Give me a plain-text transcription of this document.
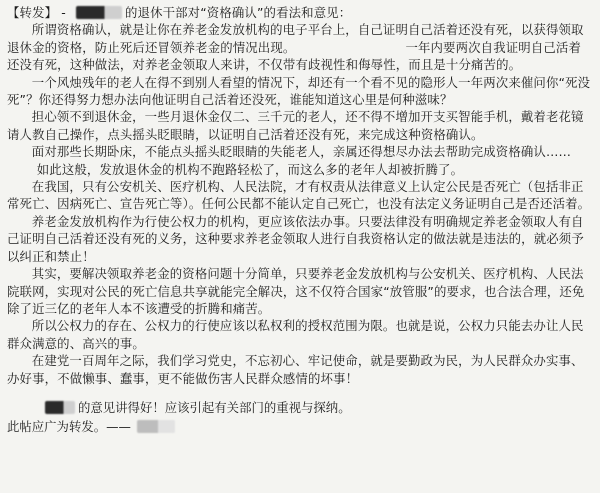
【转发】 -	的退休干部对“资格确认”的看法和意见：

所谓资格确认，就是让你在养老金发放机构的电子平台上，自己证明自己活着还没有死，以获得领取退休金的资格，防止死后还冒领养老金的情况出现。	一年内要两次自我证明自己活着还没有死，这种做法，对养老金领取人来讲，不仅带有歧视性和侮辱性，而且是十分痛苦的。

一个风烛残年的老人在得不到别人看望的情况下，却还有一个看不见的隐形人一年两次来催问你“死没死”？你还得努力想办法向他证明自己活着还没死，谁能知道这心里是何种滋味？

担心领不到退休金，一些月退休金仅二、三千元的老人，还不得不增加开支买智能手机，戴着老花镜请人教自己操作，点头摇头眨眼睛，以证明自己活着还没有死，来完成这种资格确认。

面对那些长期卧床，不能点头摇头眨眼睛的失能老人，亲属还得想尽办法去帮助完成资格确认……

如此这般，发放退休金的机构不跑路轻松了，而这么多的老年人却被折腾了。

在我国，只有公安机关、医疗机构、人民法院，才有权责从法律意义上认定公民是否死亡（包括非正常死亡、因病死亡、宣告死亡等）。任何公民都不能认定自己死亡，也没有法定义务证明自己是否还活着。

养老金发放机构作为行使公权力的机构，更应该依法办事。只要法律没有明确规定养老金领取人有自己证明自己活着还没有死的义务，这种要求养老金领取人进行自我资格认定的做法就是违法的，就必须予以纠正和禁止！

其实，要解决领取养老金的资格问题十分简单，只要养老金发放机构与公安机关、医疗机构、人民法院联网，实现对公民的死亡信息共享就能完全解决，这不仅符合国家“放管服”的要求，也合法合理，还免除了近三亿的老年人本不该遭受的折腾和痛苦。

所以公权力的存在、公权力的行使应该以私权利的授权范围为限。也就是说，公权力只能去办让人民群众满意的、高兴的事。

在建党一百周年之际，我们学习党史，不忘初心、牢记使命，就是要勤政为民，为人民群众办实事、办好事，不做懒事、蠢事，更不能做伤害人民群众感情的坏事！

的意见讲得好！应该引起有关部门的重视与探纳。
此帖应广为转发。——
